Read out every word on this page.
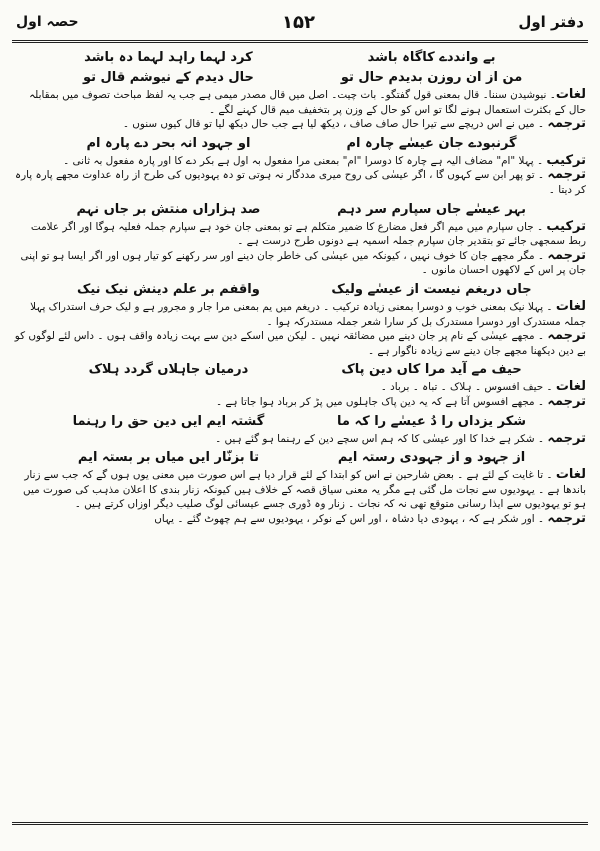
دفتر اول
۱۵۲
حصہ اول
بے وانددے کاگاہ باشدکرد لہما راہد لہما دہ باشد
من از ان روزن بدیدم حال توحال دیدم کے نیوشم قال تو

لغات۔ نیوشیدن سننا۔ قال بمعنی قول گفتگو۔ بات چیت۔ اصل میں قال مصدر میمی ہے جب یہ لفظ مباحث تصوف میں بمقابلہ حال کے بکثرت استعمال ہونے لگا تو اس کو حال کے وزن پر بتخفیف میم قال کہنے لگے ۔

ترجمہ ۔ میں نے اس دریچے سے تیرا حال صاف صاف ، دیکھ لیا ہے جب حال دیکھ لیا تو قال کیوں سنوں ۔

گرنبودے جان عیسٰے چارہ اماو جہود انہ بحر دے پارہ ام

ترکیب ۔ پہلا "ام" مضاف الیہ ہے چارہ کا دوسرا "ام" بمعنی مرا مفعول بہ اول ہے بکر دے کا اور پارہ مفعول بہ ثانی ۔

ترجمہ ۔ تو پھر ابن سے کہوں گا ، اگر عیسٰی کی روح میری مددگار نہ ہوتی تو دہ یہودیوں کی طرح از راہ عداوت مجھے پارہ پارہ کر دیتا ۔

بہر عیسٰے جاں سپارم سر دہمصد ہزاراں منتش بر جاں نہم

ترکیب ۔ جاں سپارم میں میم اگر فعل مضارع کا ضمیر متکلم ہے تو بمعنی جان خود ہے سپارم جملہ فعلیہ ہوگا اور اگر علامت ربط سمجھی جائے تو بتقدیر جان سپارم جملہ اسمیہ ہے دونوں طرح درست ہے ۔

ترجمہ ۔ مگر مجھے جان کا خوف نہیں ، کیونکہ میں عیسٰی کی خاطر جان دینے اور سر رکھنے کو تیار ہوں اور اگر ایسا ہو تو اپنی جان پر اس کے لاکھوں احسان مانوں ۔

جاں دریغم نیست از عیسٰے ولیکواقفم بر علم دینش نیک نیک

لغات ۔ پہلا نیک بمعنی خوب و دوسرا بمعنی زیادہ ترکیب ۔ دریغم میں یم بمعنی مرا جار و مجرور ہے و لیک حرف استدراک پہلا جملہ مستدرک اور دوسرا مستدرک بل کر سارا شعر جملہ مستدرکہ ہوا ۔

ترجمہ ۔ مجھے عیسٰی کے نام پر جان دینے میں مضائقہ نہیں ۔ لیکن میں اسکے دین سے بہت زیادہ واقف ہوں ۔ داس لئے لوگوں کو بے دین دیکھنا مجھے جان دینے سے زیادہ ناگوار ہے ۔

حیف مے آید مرا کاں دین پاکدرمیان جاہلاں گردد ہلاک

لغات ۔ حیف افسوس ۔ ہلاک ۔ تباہ ۔ برباد ۔

ترجمہ ۔ مجھے افسوس آتا ہے کہ یہ دین پاک جاہلوں میں پڑ کر برباد ہوا جاتا ہے ۔

شکر یزداں را دُ عیسٰے را کہ ماگشتہ ایم ایں دین حق را رہنما

ترجمہ ۔ شکر ہے خدا کا اور عیسٰی کا کہ ہم اس سچے دین کے رہنما ہو گئے ہیں ۔

از جہود و از جہودی رستہ ایمتا بزنّار ایں میاں بر بستہ ایم

لغات ۔ تا غایت کے لئے ہے ۔ بعض شارحین نے اس کو ابتدا کے لئے قرار دیا ہے اس صورت میں معنی یوں ہوں گے کہ جب سے زنار باندھا ہے ۔ یہودیوں سے نجات مل گئی ہے مگر یہ معنی سیاق قصہ کے خلاف ہیں کیونکہ زنار بندی کا اعلان مذہب کی صورت میں ہو تو یہودیوں سے ایذا رسانی متوقع تھی نہ کہ نجات ۔ زنار وہ ڈوری جسے عیسائی لوگ صلیب دیگر اوزاں کرتے ہیں ۔

ترجمہ ۔ اور شکر ہے کہ ، یہودی دیا دشاہ ، اور اس کے نوکر ، یہودیوں سے ہم چھوٹ گئے ۔ یہاں
